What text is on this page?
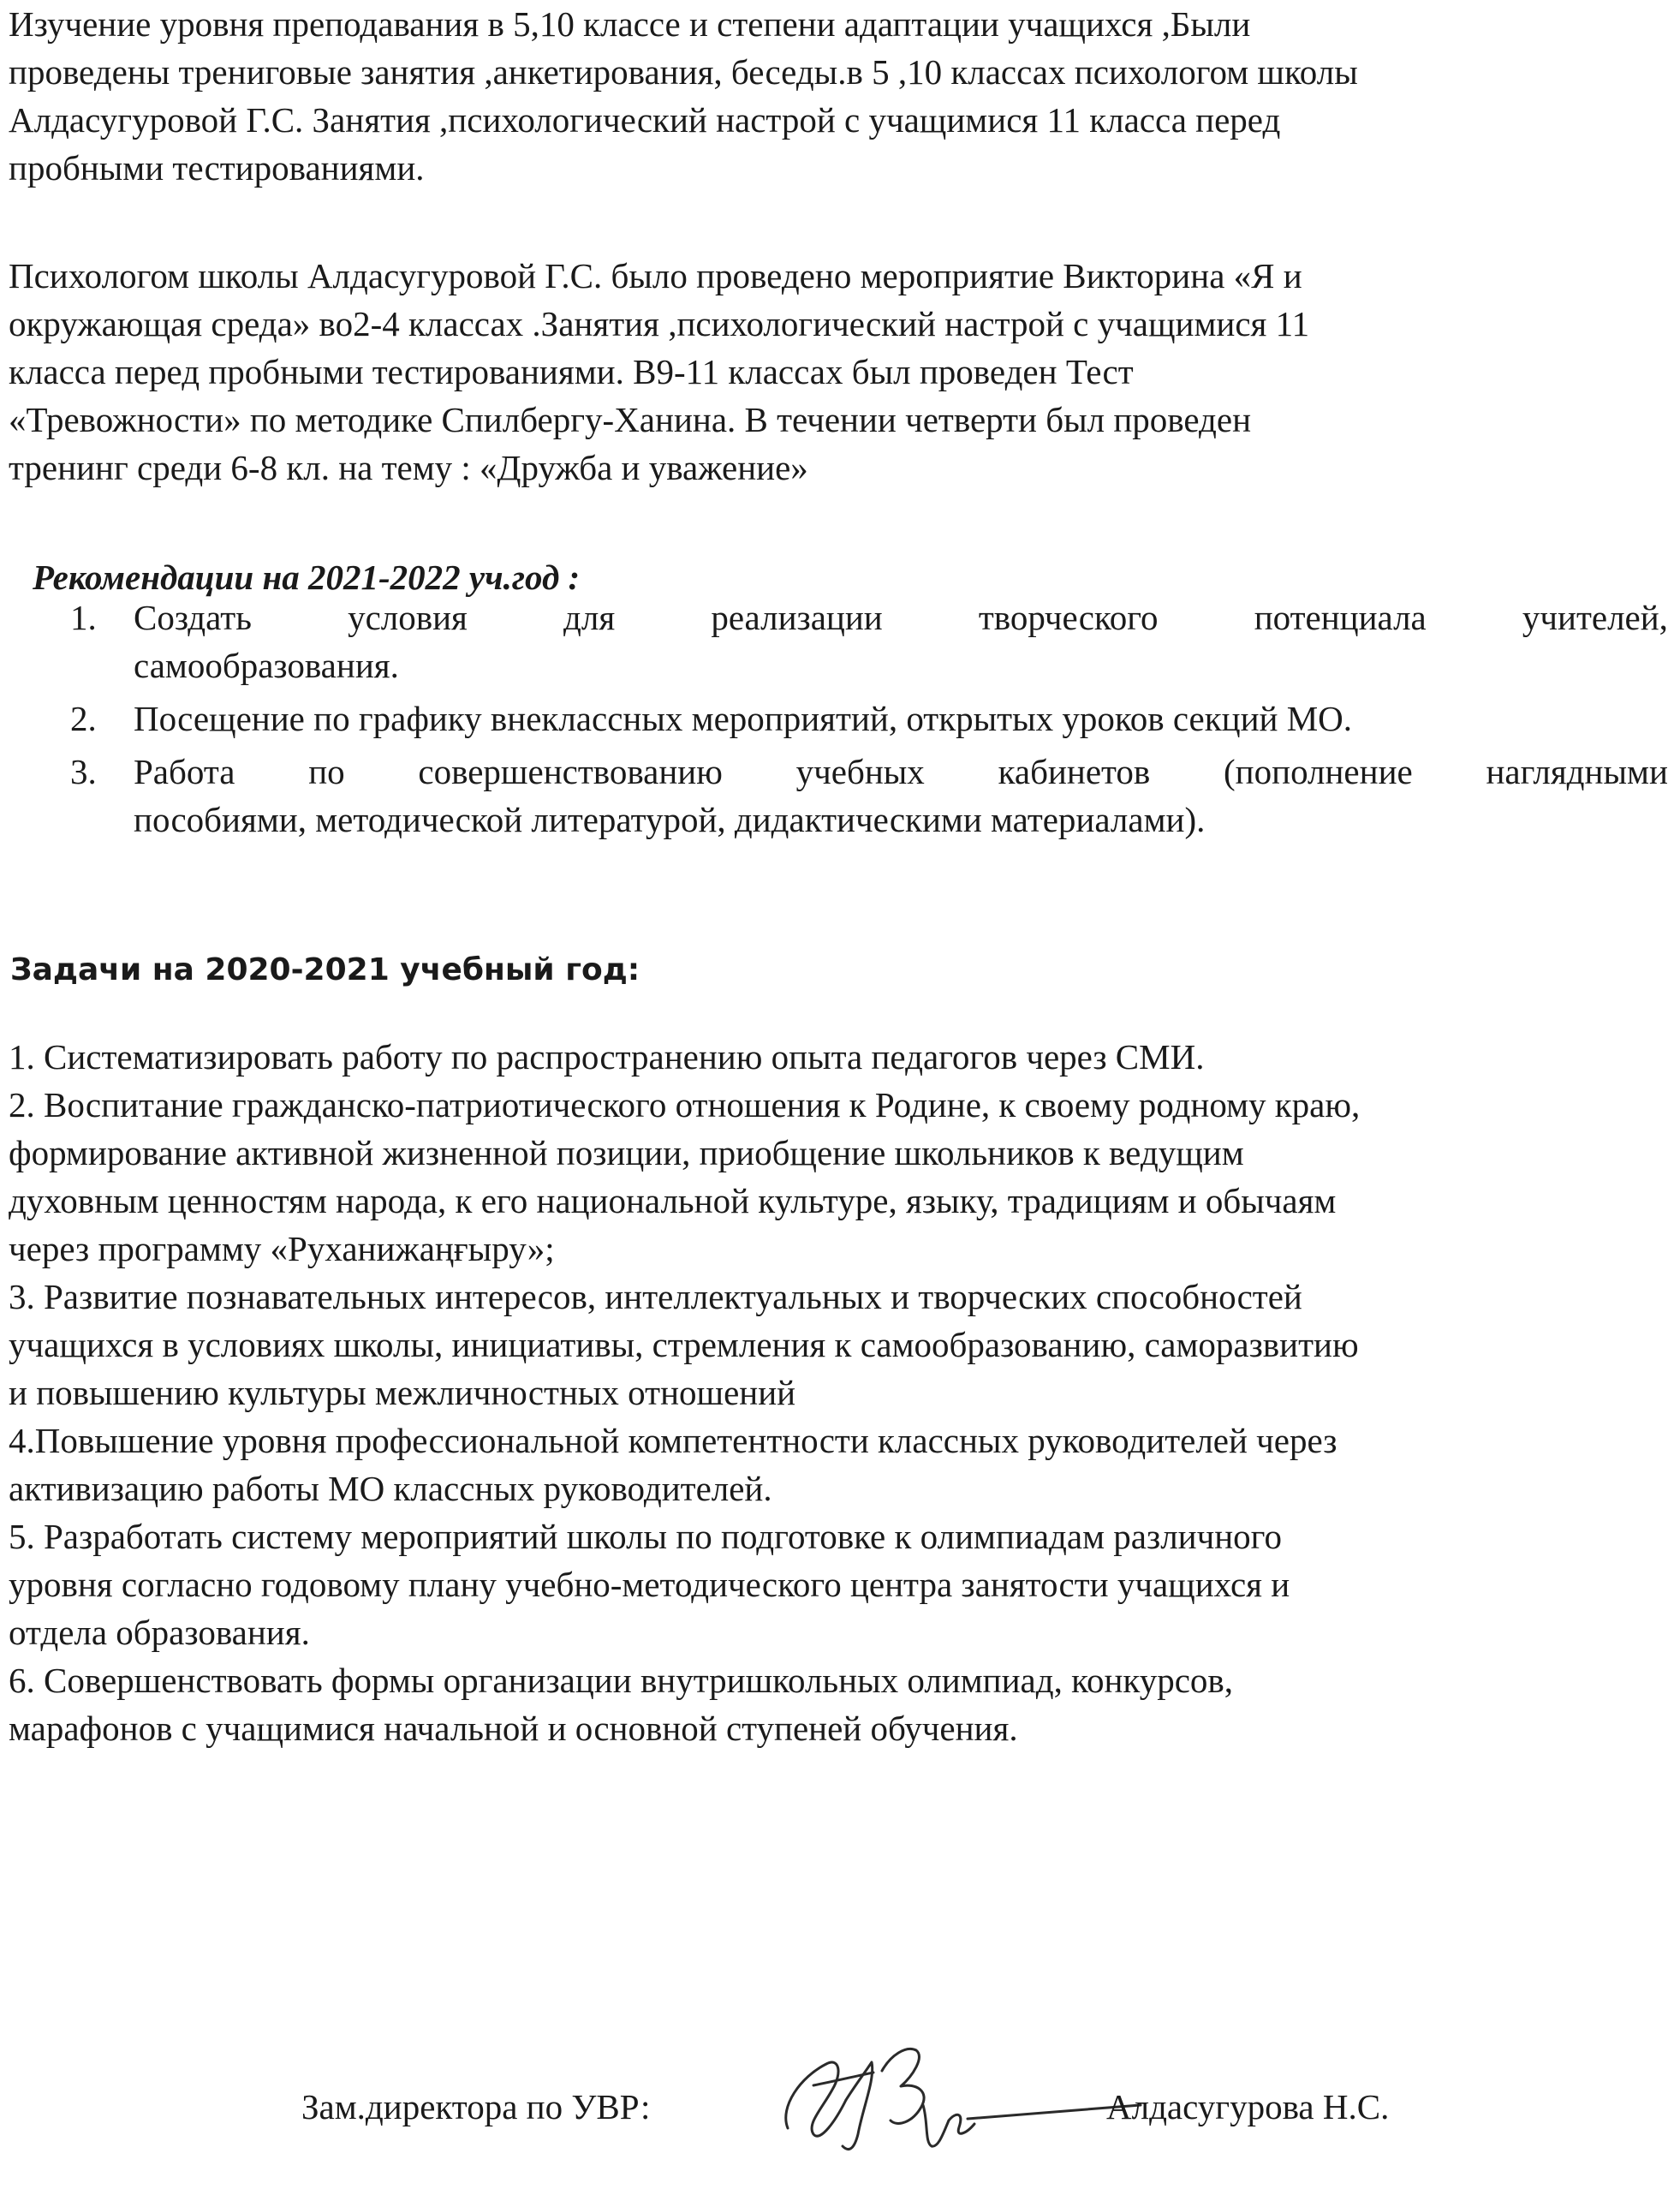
Изучение уровня преподавания в 5,10 классе и степени адаптации учащихся ,Были
проведены трениговые занятия ,анкетирования, беседы.в 5 ,10 классах психологом школы
Алдасугуровой Г.С. Занятия ,психологический настрой с учащимися 11 класса перед
пробными тестированиями.
Психологом школы Алдасугуровой Г.С. было проведено мероприятие Викторина «Я и
окружающая среда» во2-4 классах .Занятия ,психологический настрой с учащимися 11
класса перед пробными тестированиями. В9-11 классах был проведен Тест
«Тревожности» по методике Спилбергу-Ханина. В течении четверти был проведен
тренинг среди 6-8 кл. на тему : «Дружба и уважение»
Рекомендации на 2021-2022 уч.год :
1. Создать	условия	для	реализации	творческого	потенциала	учителей,
самообразования.
2. Посещение по графику внеклассных мероприятий, открытых уроков секций МО.
3. Работа по совершенствованию учебных кабинетов (пополнение наглядными
пособиями, методической литературой, дидактическими материалами).
Задачи на 2020-2021 учебный год:
1. Систематизировать работу по распространению опыта педагогов через СМИ.
2. Воспитание гражданско-патриотического отношения к Родине, к своему родному краю,
формирование активной жизненной позиции, приобщение школьников к ведущим
духовным ценностям народа, к его национальной культуре, языку, традициям и обычаям
через программу «Руханижаңғыру»;
3. Развитие познавательных интересов, интеллектуальных и творческих способностей
учащихся в условиях школы, инициативы, стремления к самообразованию, саморазвитию
и повышению культуры межличностных отношений
4.Повышение уровня профессиональной компетентности классных руководителей через
активизацию работы МО классных руководителей.
5. Разработать систему мероприятий школы по подготовке к олимпиадам различного
уровня согласно годовому плану учебно-методического центра занятости учащихся и
отдела образования.
6. Совершенствовать формы организации внутришкольных олимпиад, конкурсов,
марафонов с учащимися начальной и основной ступеней обучения.
Зам.директора по УВР:	Алдасугурова Н.С.
